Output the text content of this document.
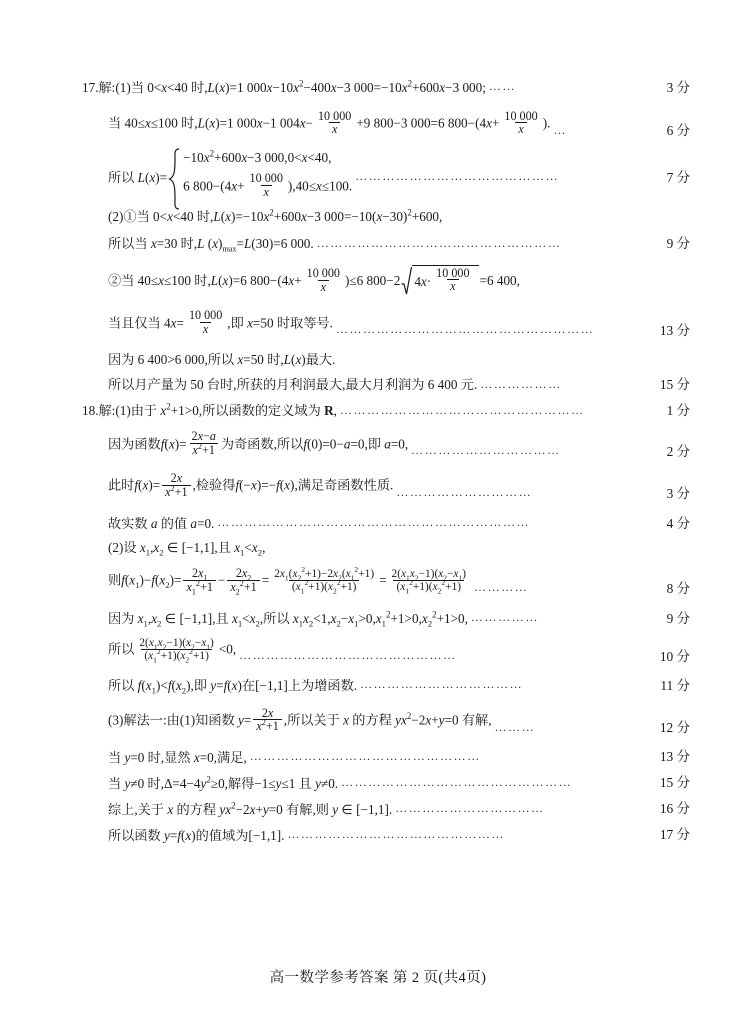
17.解:(1)当 0<x<40 时,L(x)=1 $000x-10x^2-400x-3$ $000=-10x^2+600x-3$ 000; ……	3 分
当 40≤x≤100 时,L(x)=1 000x−1 $004x- \frac{10 000}{x} +9$ 800−3 000=6 $800-(4x+ \frac{10 000}{x}$ ). …	6 分
所以 L(x)=
$-10x^2+600x-3$ 000,0<x<40,
6 $800-(4x+ \frac{10 000}{x} ),40\le x\le 100$.
………………………………………	7 分
(2)①当 0<x<40 时$,L(x)=-10x^2+600x-3$ $000=-10(x-30)^2+600$,
所以当 x=30 时,L $(x)_{max}=L(30)=6$ 000. ………………………………………………	9 分
②当 40≤x≤100 时,L(x)=6 $800-(4x+ \frac{10 000}{x} )\le 6$ 800−2 4 $x \cdot \frac{10 000}{x} =6$ 400,
当且仅当 $4x= \frac{10 000}{x}$ ,即 x=50 时取等号. …………………………………………………	13 分
因为 6 400>6 000,所以 x=50 时,L(x)最大.
所以月产量为 50 台时,所获的月利润最大,最大月利润为 6 400 元. ………………	15 分
18.解:(1)由于 $x^2+1>0$,所以函数的定义域为 R, ………………………………………………	1 分
因为函数$f(x)= \frac{2x-a}{x^2+1}$ 为奇函数,所以f(0)=0−a=0,即 a=0, ……………………………	2 分
此时$f(x)= \frac{2x}{x^2+1}$ ,检验得f(−x)=−f(x),满足奇函数性质. …………………………	3 分
故实数 a 的值 a=0. ……………………………………………………………	4 分
(2)设 $x_1,x_2$ ∈ [−1,1],且 $x_1<x_2$,
则$f(x_1)-f(x_2)= \frac{2x_1}{x_1^2+1} - \frac{2x_2}{x_2^2+1} = \frac{2x_1(x_2^2+1)-2x_2(x_1^2+1)}{(x_1^2+1)(x_2^2+1)} = \frac{2(x_1x_2-1)(x_2-x_1)}{(x_1^2+1)(x_2^2+1)}$ …………	8 分
因为 $x_1,x_2$ ∈ [−1,1],且 $x_1<x_2$,所以 $x_1x_2<1,x_2-x_1>0,x_1^2+1>0,x_2^2+1>0$, ……………	9 分
所以 $\frac{2(x_1x_2-1)(x_2-x_1)}{(x_1^2+1)(x_2^2+1)} <0$, …………………………………………	10 分
所以 $f(x_1)<f(x_2)$,即 y=f(x)在[−1,1]上为增函数. ………………………………	11 分
(3)解法一:由(1)知函数 $y= \frac{2x}{x^2+1}$ ,所以关于 x 的方程 $yx^2-2x+y=0$ 有解, ………	12 分
当 y=0 时,显然 x=0,满足, ……………………………………………	13 分
当 y≠0 时$,\Delta=4-4y^2\ge 0$,解得−1≤y≤1 且 y≠0. ……………………………………………	15 分
综上,关于 x 的方程 $yx^2-2x+y=0$ 有解,则 y ∈ [−1,1]. ……………………………	16 分
所以函数 y=f(x)的值域为[−1,1]. …………………………………………	17 分
高一数学参考答案 第 2 页(共4页)
